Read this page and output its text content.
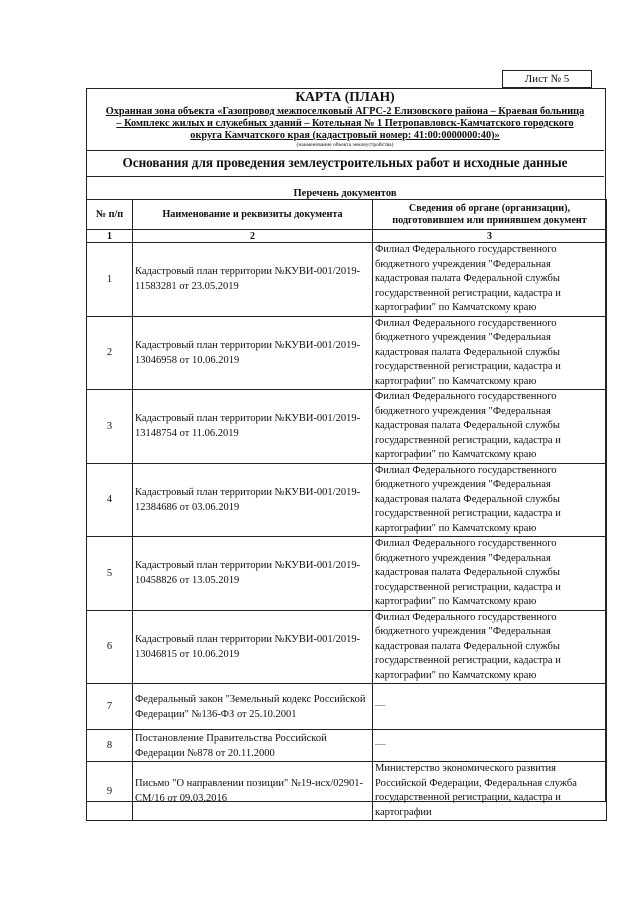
Лист № 5
КАРТА (ПЛАН)
Охранная зона объекта «Газопровод межпоселковый АГРС-2 Елизовского района – Краевая больница – Комплекс жилых и служебных зданий – Котельная № 1 Петропавловск-Камчатского городского округа Камчатского края (кадастровый номер: 41:00:0000000:40)»
(наименование объекта землеустройства)
Основания для проведения землеустроительных работ и исходные данные
Перечень документов
№ п/п	Наименование и реквизиты документа	Сведения об органе (организации), подготовившем или принявшем документ
1	2	3
1	Кадастровый план территории №КУВИ-001/2019-11583281 от 23.05.2019	Филиал Федерального государственного бюджетного учреждения "Федеральная кадастровая палата Федеральной службы государственной регистрации, кадастра и картографии" по Камчатскому краю
2	Кадастровый план территории №КУВИ-001/2019-13046958 от 10.06.2019	Филиал Федерального государственного бюджетного учреждения "Федеральная кадастровая палата Федеральной службы государственной регистрации, кадастра и картографии" по Камчатскому краю
3	Кадастровый план территории №КУВИ-001/2019-13148754 от 11.06.2019	Филиал Федерального государственного бюджетного учреждения "Федеральная кадастровая палата Федеральной службы государственной регистрации, кадастра и картографии" по Камчатскому краю
4	Кадастровый план территории №КУВИ-001/2019-12384686 от 03.06.2019	Филиал Федерального государственного бюджетного учреждения "Федеральная кадастровая палата Федеральной службы государственной регистрации, кадастра и картографии" по Камчатскому краю
5	Кадастровый план территории №КУВИ-001/2019-10458826 от 13.05.2019	Филиал Федерального государственного бюджетного учреждения "Федеральная кадастровая палата Федеральной службы государственной регистрации, кадастра и картографии" по Камчатскому краю
6	Кадастровый план территории №КУВИ-001/2019-13046815 от 10.06.2019	Филиал Федерального государственного бюджетного учреждения "Федеральная кадастровая палата Федеральной службы государственной регистрации, кадастра и картографии" по Камчатскому краю
7	Федеральный закон "Земельный кодекс Российской Федерации" №136-ФЗ от 25.10.2001	—
8	Постановление Правительства Российской Федерации №878 от 20.11.2000	—
9	Письмо "О направлении позиции" №19-исх/02901-СМ/16 от 09.03.2016	Министерство экономического развития Российской Федерации, Федеральная служба государственной регистрации, кадастра и картографии
